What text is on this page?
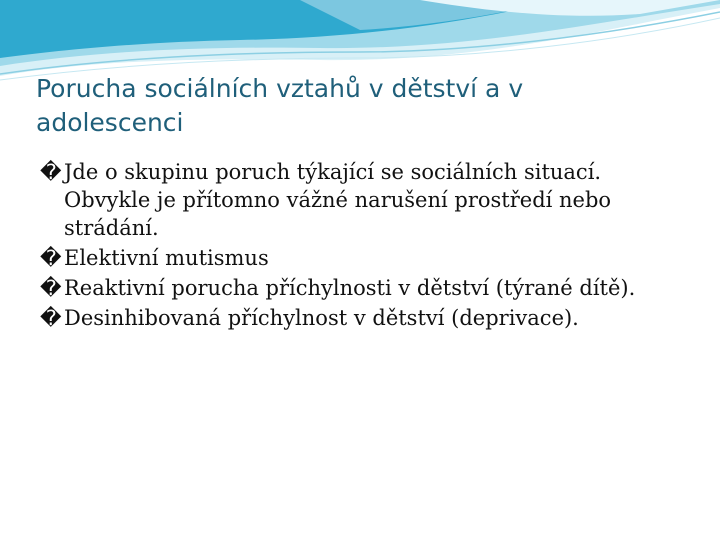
Porucha sociálních vztahů v dětství a v adolescenci
� Jde o skupinu poruch týkající se sociálních situací. Obvykle je přítomno vážné narušení prostředí nebo strádání.
� Elektivní mutismus
� Reaktivní porucha příchylnosti v dětství (týrané dítě).
� Desinhibovaná příchylnost v dětství (deprivace).
